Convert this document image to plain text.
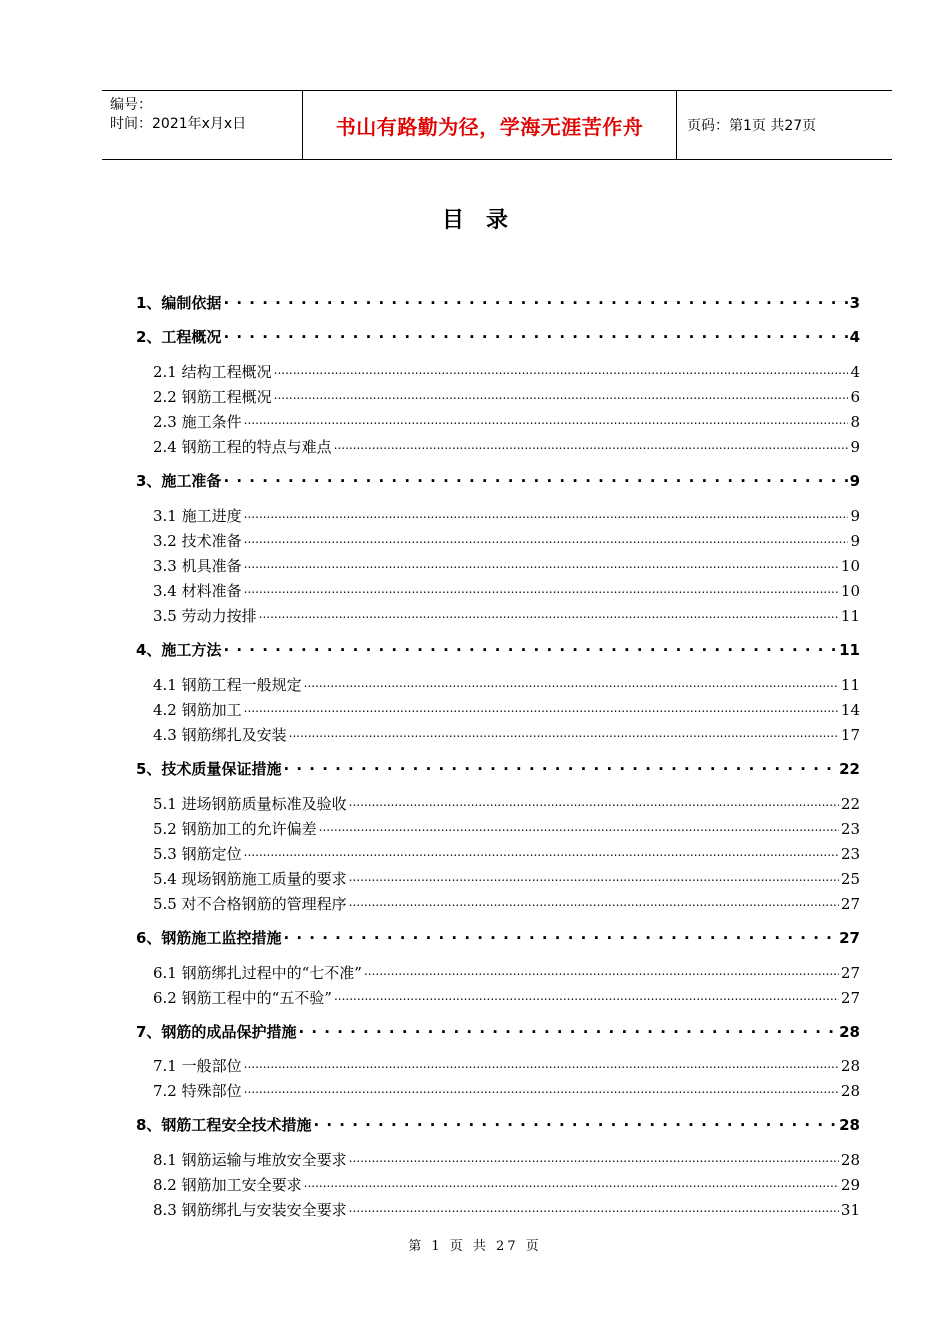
编号：
时间：2021年x月x日	书山有路勤为径，学海无涯苦作舟	页码：第1页 共27页
目录
1、编制依据 . . .	3
2、工程概况 . . .	4
2.1 结构工程概况 .....	4
2.2 钢筋工程概况 .....	6
2.3 施工条件 .....	8
2.4 钢筋工程的特点与难点 .....	9
3、施工准备 . . .	9
3.1 施工进度 .....	9
3.2 技术准备 .....	9
3.3 机具准备 .....	10
3.4 材料准备 .....	10
3.5 劳动力按排 .....	11
4、施工方法 . . .	11
4.1 钢筋工程一般规定 .....	11
4.2 钢筋加工 .....	14
4.3 钢筋绑扎及安装 .....	17
5、技术质量保证措施 . . .	22
5.1 进场钢筋质量标准及验收 .....	22
5.2 钢筋加工的允许偏差 .....	23
5.3 钢筋定位 .....	23
5.4 现场钢筋施工质量的要求 .....	25
5.5 对不合格钢筋的管理程序 .....	27
6、钢筋施工监控措施 . . .	27
6.1 钢筋绑扎过程中的“七不准” .....	27
6.2 钢筋工程中的“五不验” .....	27
7、钢筋的成品保护措施 . . .	28
7.1 一般部位 .....	28
7.2 特殊部位 .....	28
8、钢筋工程安全技术措施 . . .	28
8.1 钢筋运输与堆放安全要求 .....	28
8.2 钢筋加工安全要求 .....	29
8.3 钢筋绑扎与安装安全要求 .....	31
第 1 页 共 27 页
